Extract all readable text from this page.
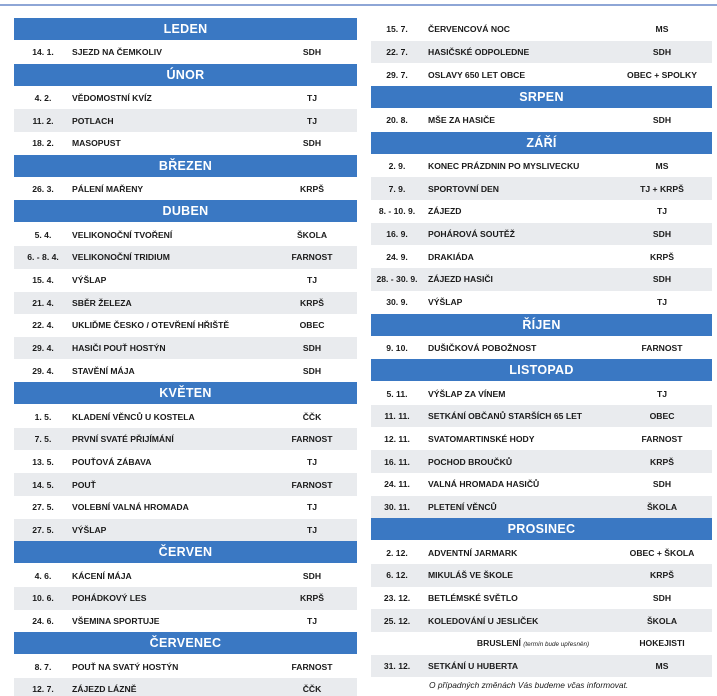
LEDEN
14. 1.	SJEZD NA ČEMKOLIV	SDH
ÚNOR
4. 2.	VĚDOMOSTNÍ KVÍZ	TJ
11. 2.	POTLACH	TJ
18. 2.	MASOPUST	SDH
BŘEZEN
26. 3.	PÁLENÍ MAŘENY	KRPŠ
DUBEN
5. 4.	VELIKONOČNÍ TVOŘENÍ	ŠKOLA
6. - 8. 4.	VELIKONOČNÍ TRIDIUM	FARNOST
15. 4.	VÝŠLAP	TJ
21. 4.	SBĚR ŽELEZA	KRPŠ
22. 4.	UKLIĎME ČESKO / OTEVŘENÍ HŘIŠTĚ	OBEC
29. 4.	HASIČI POUŤ HOSTÝN	SDH
29. 4.	STAVĚNÍ MÁJA	SDH
KVĚTEN
1. 5.	KLADENÍ VĚNCŮ U KOSTELA	ČČK
7. 5.	PRVNÍ SVATÉ PŘIJÍMÁNÍ	FARNOST
13. 5.	POUŤOVÁ ZÁBAVA	TJ
14. 5.	POUŤ	FARNOST
27. 5.	VOLEBNÍ VALNÁ HROMADA	TJ
27. 5.	VÝŠLAP	TJ
ČERVEN
4. 6.	KÁCENÍ MÁJA	SDH
10. 6.	POHÁDKOVÝ LES	KRPŠ
24. 6.	VŠEMINA SPORTUJE	TJ
ČERVENEC
8. 7.	POUŤ NA SVATÝ HOSTÝN	FARNOST
12. 7.	ZÁJEZD LÁZNĚ	ČČK
15. 7.	ČERVENCOVÁ NOC	MS
22. 7.	HASIČSKÉ ODPOLEDNE	SDH
29. 7.	OSLAVY 650 LET OBCE	OBEC + SPOLKY
SRPEN
20. 8.	MŠE ZA HASIČE	SDH
ZÁŘÍ
2. 9.	KONEC PRÁZDNIN PO MYSLIVECKU	MS
7. 9.	SPORTOVNÍ DEN	TJ + KRPŠ
8. - 10. 9.	ZÁJEZD	TJ
16. 9.	POHÁROVÁ SOUTĚŽ	SDH
24. 9.	DRAKIÁDA	KRPŠ
28. - 30. 9.	ZÁJEZD HASIČI	SDH
30. 9.	VÝŠLAP	TJ
ŘÍJEN
9. 10.	DUŠIČKOVÁ POBOŽNOST	FARNOST
LISTOPAD
5. 11.	VÝŠLAP ZA VÍNEM	TJ
11. 11.	SETKÁNÍ OBČANŮ STARŠÍCH 65 LET	OBEC
12. 11.	SVATOMARTINSKÉ HODY	FARNOST
16. 11.	POCHOD BROUČKŮ	KRPŠ
24. 11.	VALNÁ HROMADA HASIČŮ	SDH
30. 11.	PLETENÍ VĚNCŮ	ŠKOLA
PROSINEC
2. 12.	ADVENTNÍ JARMARK	OBEC + ŠKOLA
6. 12.	MIKULÁŠ VE ŠKOLE	KRPŠ
23. 12.	BETLÉMSKÉ SVĚTLO	SDH
25. 12.	KOLEDOVÁNÍ U JESLIČEK	ŠKOLA
BRUSLENÍ (termín bude upřesněn)	HOKEJISTI
31. 12.	SETKÁNÍ U HUBERTA	MS
O případných změnách Vás budeme včas informovat.
